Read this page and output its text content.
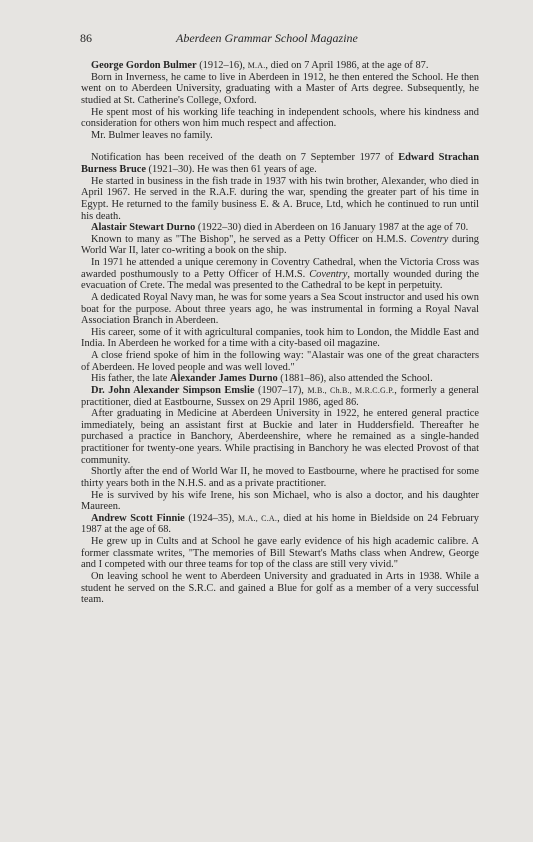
86	Aberdeen Grammar School Magazine

George Gordon Bulmer (1912–16), M.A., died on 7 April 1986, at the age of 87.

Born in Inverness, he came to live in Aberdeen in 1912, he then entered the School. He then went on to Aberdeen University, graduating with a Master of Arts degree. Subsequently, he studied at St. Catherine's College, Oxford.

He spent most of his working life teaching in independent schools, where his kindness and consideration for others won him much respect and affection.

Mr. Bulmer leaves no family.

Notification has been received of the death on 7 September 1977 of Edward Strachan Burness Bruce (1921–30). He was then 61 years of age.

He started in business in the fish trade in 1937 with his twin brother, Alexander, who died in April 1967. He served in the R.A.F. during the war, spending the greater part of his time in Egypt. He returned to the family business E. & A. Bruce, Ltd, which he continued to run until his death.

Alastair Stewart Durno (1922–30) died in Aberdeen on 16 January 1987 at the age of 70.

Known to many as "The Bishop", he served as a Petty Officer on H.M.S. Coventry during World War II, later co-writing a book on the ship.

In 1971 he attended a unique ceremony in Coventry Cathedral, when the Victoria Cross was awarded posthumously to a Petty Officer of H.M.S. Coventry, mortally wounded during the evacuation of Crete. The medal was presented to the Cathedral to be kept in perpetuity.

A dedicated Royal Navy man, he was for some years a Sea Scout instructor and used his own boat for the purpose. About three years ago, he was instrumental in forming a Royal Naval Association Branch in Aberdeen.

His career, some of it with agricultural companies, took him to London, the Middle East and India. In Aberdeen he worked for a time with a city-based oil magazine.

A close friend spoke of him in the following way: "Alastair was one of the great characters of Aberdeen. He loved people and was well loved."

His father, the late Alexander James Durno (1881–86), also attended the School.

Dr. John Alexander Simpson Emslie (1907–17), M.B., Ch.B., M.R.C.G.P., formerly a general practitioner, died at Eastbourne, Sussex on 29 April 1986, aged 86.

After graduating in Medicine at Aberdeen University in 1922, he entered general practice immediately, being an assistant first at Buckie and later in Huddersfield. Thereafter he purchased a practice in Banchory, Aberdeenshire, where he remained as a single-handed practitioner for twenty-one years. While practising in Banchory he was elected Provost of that community.

Shortly after the end of World War II, he moved to Eastbourne, where he practised for some thirty years both in the N.H.S. and as a private practitioner.

He is survived by his wife Irene, his son Michael, who is also a doctor, and his daughter Maureen.

Andrew Scott Finnie (1924–35), M.A., C.A., died at his home in Bieldside on 24 February 1987 at the age of 68.

He grew up in Cults and at School he gave early evidence of his high academic calibre. A former classmate writes, "The memories of Bill Stewart's Maths class when Andrew, George and I competed with our three teams for top of the class are still very vivid."

On leaving school he went to Aberdeen University and graduated in Arts in 1938. While a student he served on the S.R.C. and gained a Blue for golf as a member of a very successful team.
